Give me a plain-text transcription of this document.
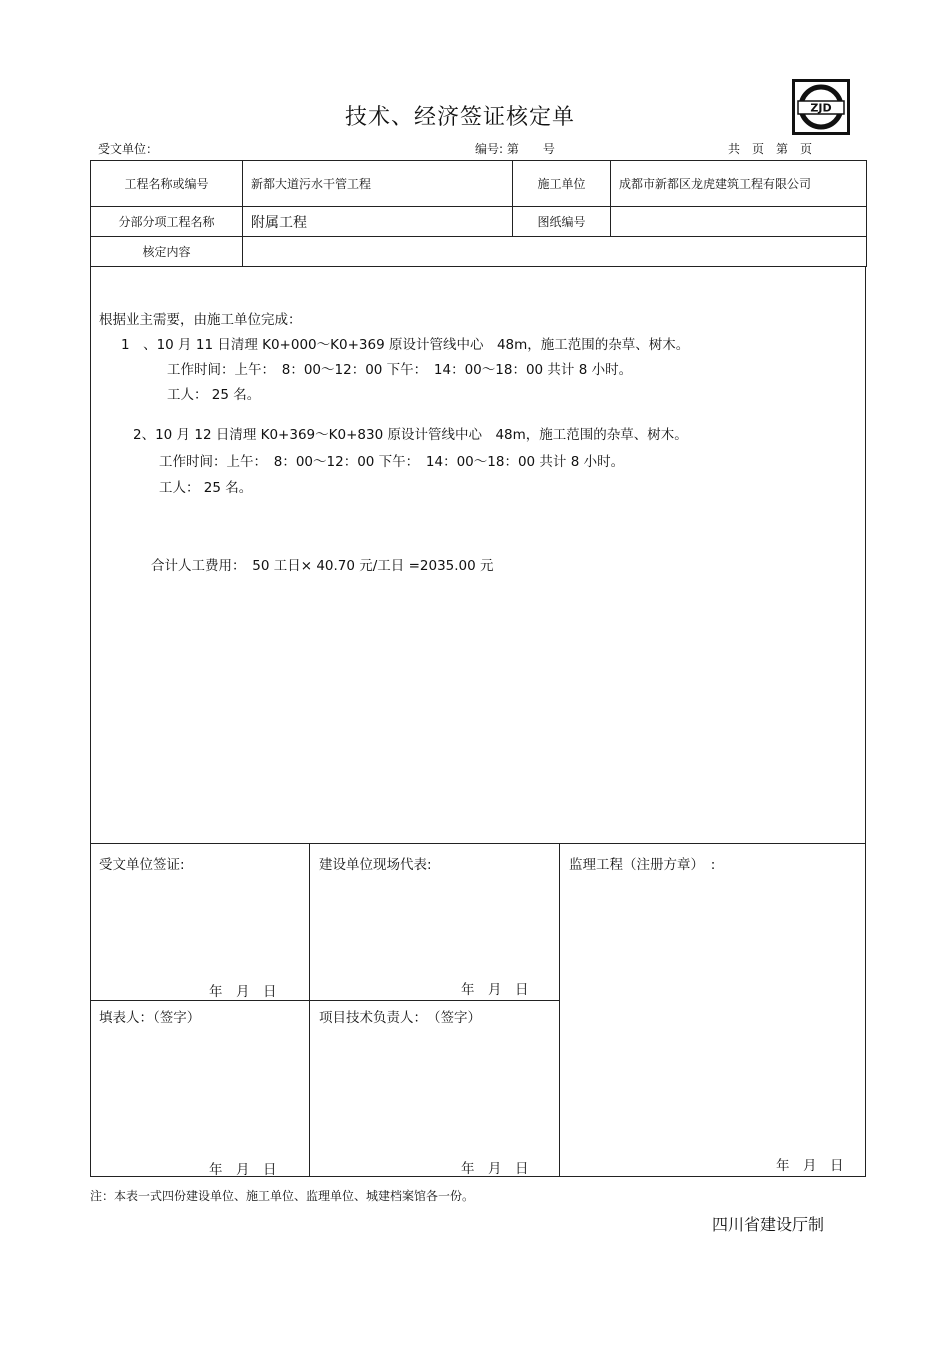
技术、经济签证核定单	ZJD
受文单位：	编号: 第　　号	共　页　第　页
工程名称或编号	新都大道污水干管工程	施工单位	成都市新都区龙虎建筑工程有限公司
分部分项工程名称	附属工程	图纸编号	
核定内容			
根据业主需要，由施工单位完成：
1　、10 月 11 日清理 K0+000～K0+369 原设计管线中心　48m，施工范围的杂草、树木。
工作时间：上午：　8：00～12：00 下午：　14：00～18：00 共计 8 小时。
工人： 25 名。
2、10 月 12 日清理 K0+369～K0+830 原设计管线中心　48m，施工范围的杂草、树木。
工作时间：上午：　8：00～12：00 下午：　14：00～18：00 共计 8 小时。
工人： 25 名。
合计人工费用：　50 工日× 40.70 元/工日 =2035.00 元
受文单位签证:	建设单位现场代表:	监理工程（注册方章）　:
年　月　日	年　月　日
填表人：（签字）	项目技术负责人：　（签字）
年　月　日	年　月　日	年　月　日
注：本表一式四份建设单位、施工单位、监理单位、城建档案馆各一份。
四川省建设厅制
